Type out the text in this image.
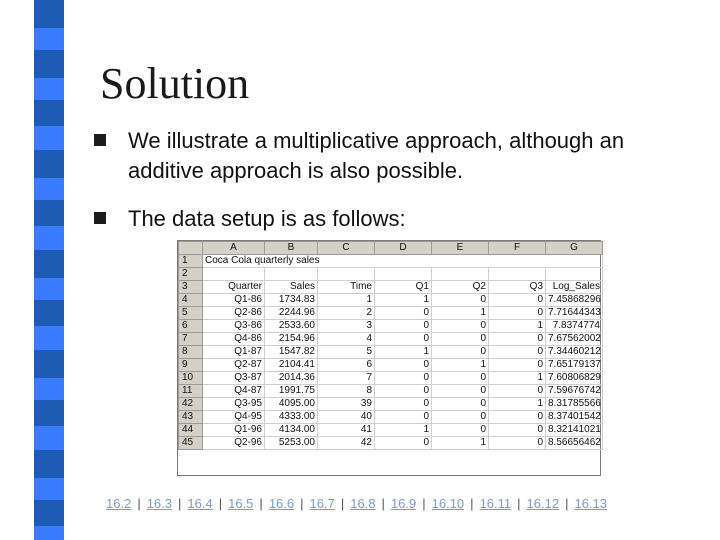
Solution
We illustrate a multiplicative approach, although an additive approach is also possible.
The data setup is as follows:
	A	B	C	D	E	F	G
1	Coca Cola quarterly sales						
2							
3	Quarter	Sales	Time	Q1	Q2	Q3	Log_Sales
4	Q1-86	1734.83	1	1	0	0	7.45868296
5	Q2-86	2244.96	2	0	1	0	7.71644343
6	Q3-86	2533.60	3	0	0	1	7.8374774
7	Q4-86	2154.96	4	0	0	0	7.67562002
8	Q1-87	1547.82	5	1	0	0	7.34460212
9	Q2-87	2104.41	6	0	1	0	7.65179137
10	Q3-87	2014.36	7	0	0	1	7.60806829
11	Q4-87	1991.75	8	0	0	0	7.59676742
42	Q3-95	4095.00	39	0	0	1	8.31785566
43	Q4-95	4333.00	40	0	0	0	8.37401542
44	Q1-96	4134.00	41	1	0	0	8.32141021
45	Q2-96	5253.00	42	0	1	0	8.56656462
16.2 | 16.3 | 16.4 | 16.5 | 16.6 | 16.7 | 16.8 | 16.9 | 16.10 | 16.11 | 16.12 | 16.13
